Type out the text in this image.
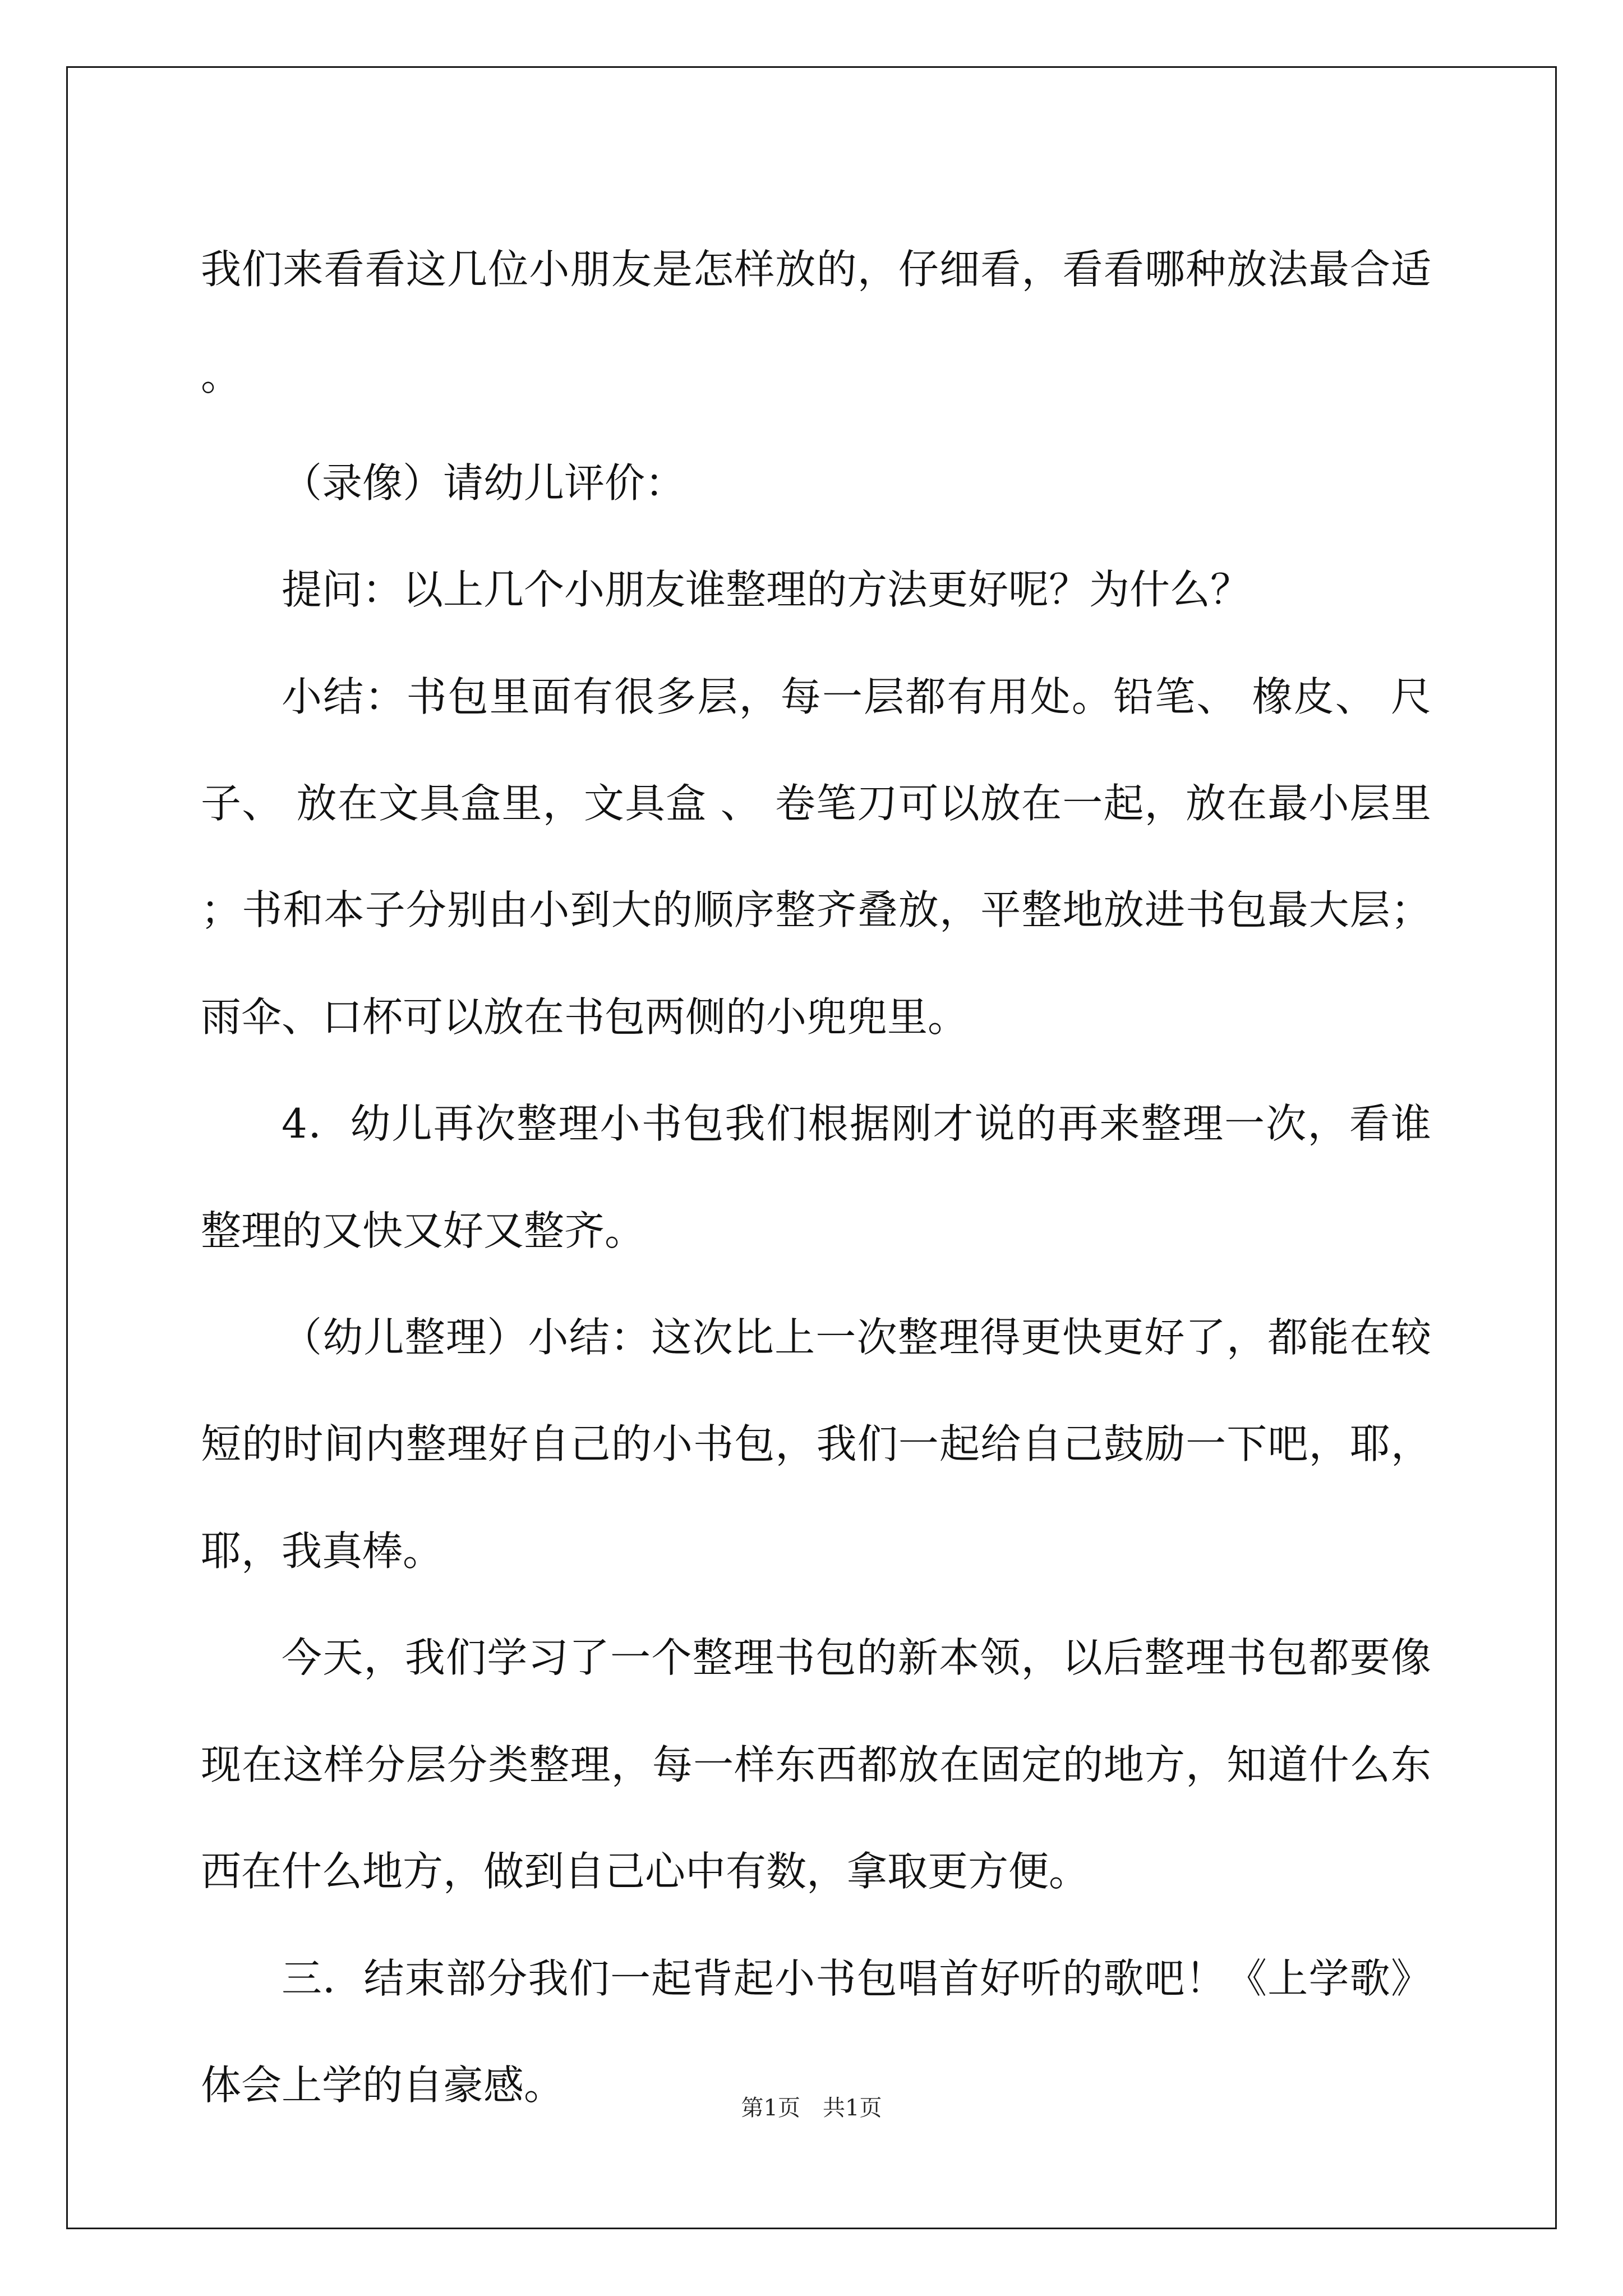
我们来看看这几位小朋友是怎样放的，仔细看，看看哪种放法最合适。

（录像）请幼儿评价：

提问：以上几个小朋友谁整理的方法更好呢？为什么？

小结：书包里面有很多层，每一层都有用处。铅笔、 橡皮、 尺子、 放在文具盒里，文具盒 、 卷笔刀可以放在一起，放在最小层里；书和本子分别由小到大的顺序整齐叠放，平整地放进书包最大层；雨伞、口杯可以放在书包两侧的小兜兜里。

4．幼儿再次整理小书包我们根据刚才说的再来整理一次，看谁整理的又快又好又整齐。

（幼儿整理）小结：这次比上一次整理得更快更好了，都能在较短的时间内整理好自己的小书包，我们一起给自己鼓励一下吧，耶，耶，我真棒。

今天，我们学习了一个整理书包的新本领，以后整理书包都要像现在这样分层分类整理，每一样东西都放在固定的地方，知道什么东西在什么地方，做到自己心中有数，拿取更方便。

三．结束部分我们一起背起小书包唱首好听的歌吧！《上学歌》体会上学的自豪感。	第1页　共1页
